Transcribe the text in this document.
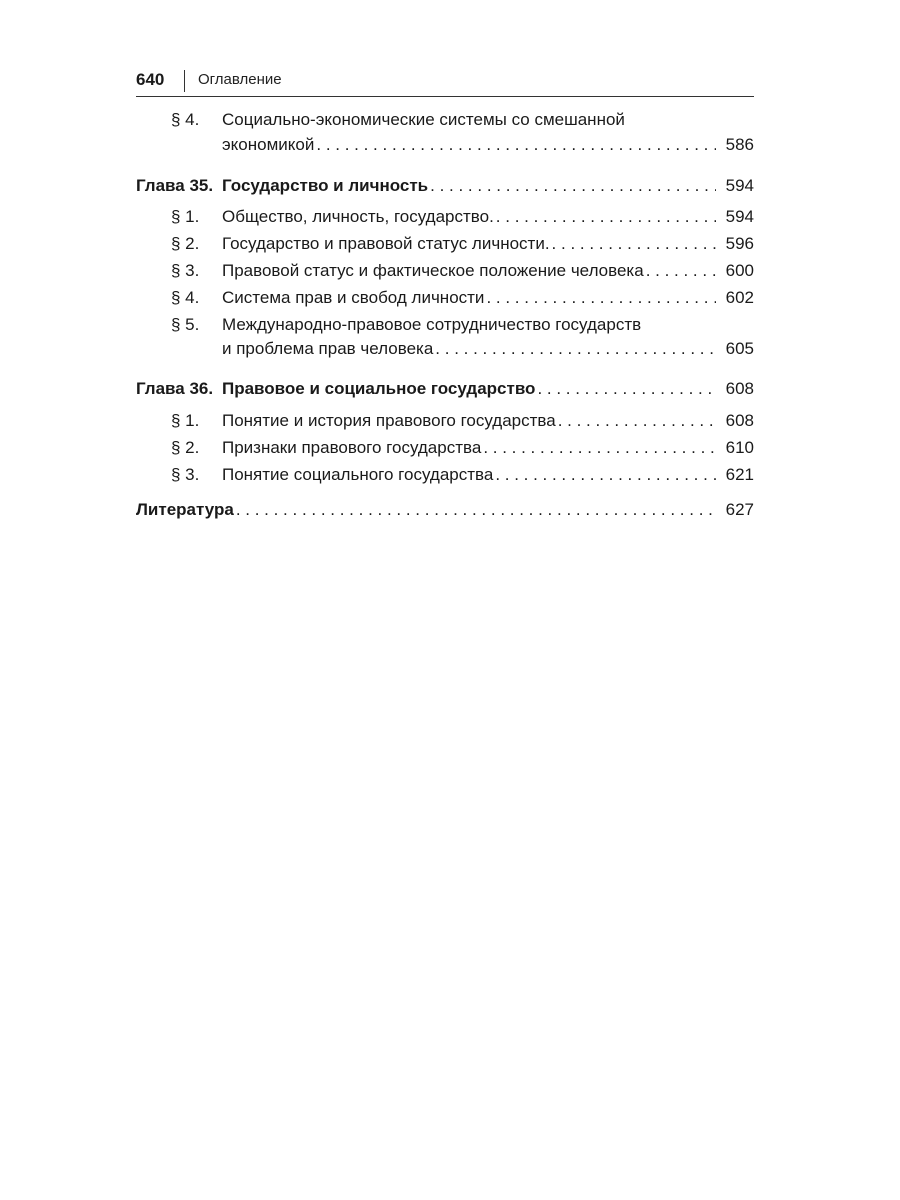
640 Оглавление
§ 4. Социально-экономические системы со смешанной
экономикой . . .	586
Глава 35. Государство и личность . . .	594
§ 1. Общество, личность, государство. . . .	594
§ 2. Государство и правовой статус личности. . . .	596
§ 3. Правовой статус и фактическое положение человека . . .	600
§ 4. Система прав и свобод личности . . .	602
§ 5. Международно-правовое сотрудничество государств
и проблема прав человека . . .	605
Глава 36. Правовое и социальное государство . . .	608
§ 1. Понятие и история правового государства . . .	608
§ 2. Признаки правового государства . . .	610
§ 3. Понятие социального государства . . .	621
Литература . . .	627
